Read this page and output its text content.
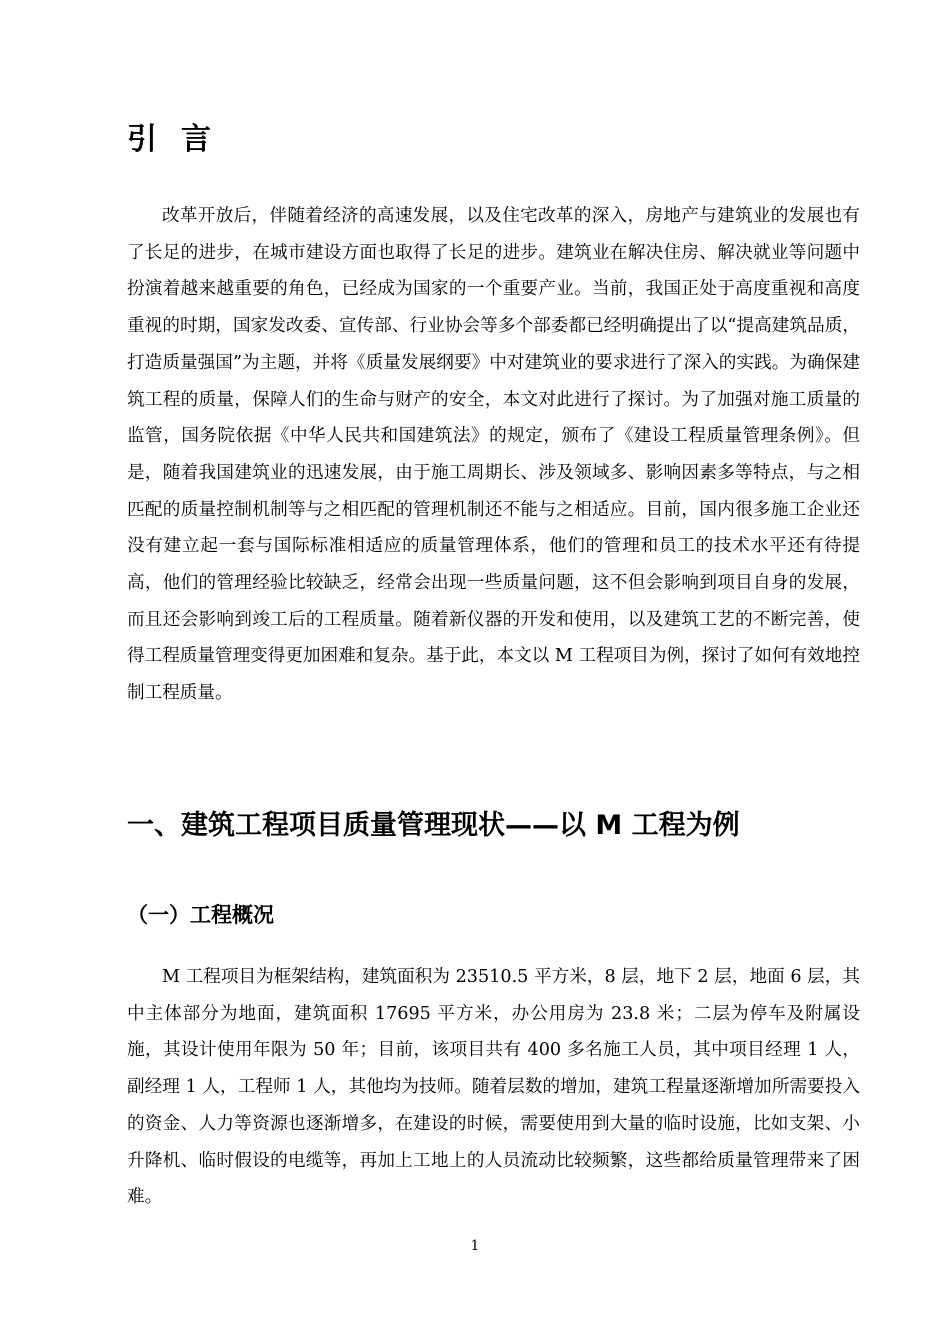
引言

改革开放后，伴随着经济的高速发展，以及住宅改革的深入，房地产与建筑业的发展也有了长足的进步，在城市建设方面也取得了长足的进步。建筑业在解决住房、解决就业等问题中扮演着越来越重要的角色，已经成为国家的一个重要产业。当前，我国正处于高度重视和高度重视的时期，国家发改委、宣传部、行业协会等多个部委都已经明确提出了以“提高建筑品质，打造质量强国”为主题，并将《质量发展纲要》中对建筑业的要求进行了深入的实践。为确保建筑工程的质量，保障人们的生命与财产的安全，本文对此进行了探讨。为了加强对施工质量的监管，国务院依据《中华人民共和国建筑法》的规定，颁布了《建设工程质量管理条例》。但是，随着我国建筑业的迅速发展，由于施工周期长、涉及领域多、影响因素多等特点，与之相匹配的质量控制机制等与之相匹配的管理机制还不能与之相适应。目前，国内很多施工企业还没有建立起一套与国际标准相适应的质量管理体系，他们的管理和员工的技术水平还有待提高，他们的管理经验比较缺乏，经常会出现一些质量问题，这不但会影响到项目自身的发展，而且还会影响到竣工后的工程质量。随着新仪器的开发和使用，以及建筑工艺的不断完善，使得工程质量管理变得更加困难和复杂。基于此，本文以 M 工程项目为例，探讨了如何有效地控制工程质量。

一、建筑工程项目质量管理现状——以 M 工程为例
（一）工程概况

M 工程项目为框架结构，建筑面积为 23510.5 平方米，8 层，地下 2 层，地面 6 层，其中主体部分为地面，建筑面积 17695 平方米，办公用房为 23.8 米；二层为停车及附属设施，其设计使用年限为 50 年；目前，该项目共有 400 多名施工人员，其中项目经理 1 人，副经理 1 人，工程师 1 人，其他均为技师。随着层数的增加，建筑工程量逐渐增加所需要投入的资金、人力等资源也逐渐增多，在建设的时候，需要使用到大量的临时设施，比如支架、小升降机、临时假设的电缆等，再加上工地上的人员流动比较频繁，这些都给质量管理带来了困难。

1
